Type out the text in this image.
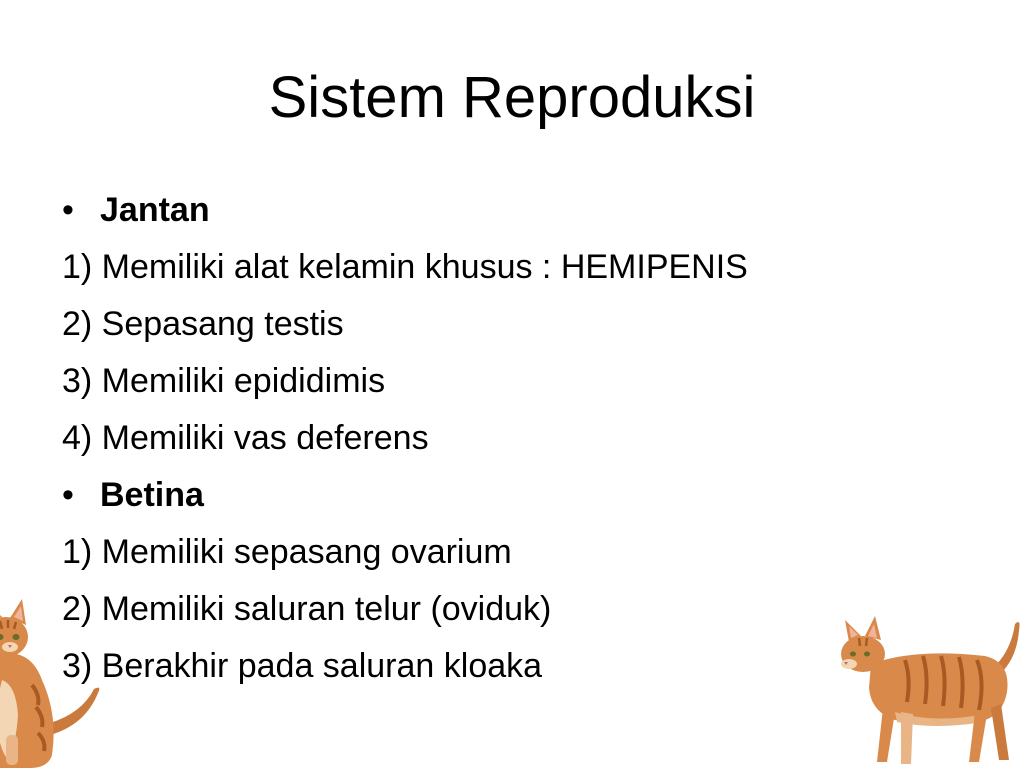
Sistem Reproduksi
• Jantan
1) Memiliki alat kelamin khusus : HEMIPENIS
2) Sepasang testis
3) Memiliki epididimis
4) Memiliki vas deferens
• Betina
1) Memiliki sepasang ovarium
2) Memiliki saluran telur (oviduk)
3) Berakhir pada saluran kloaka
